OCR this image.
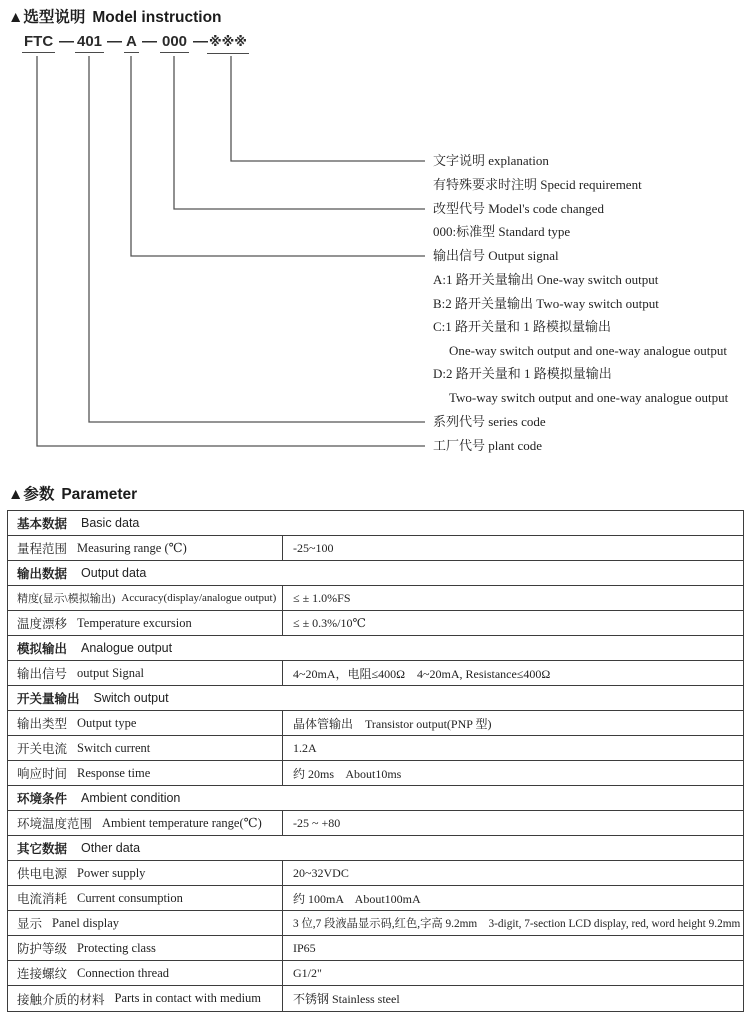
▲选型说明 Model instruction
FTC — 401 — A — 000 — ※※※
文字说明 explanation
有特殊要求时注明 Specid requirement
改型代号 Model's code changed
000:标准型 Standard type
输出信号 Output signal
A:1 路开关量输出 One-way switch output
B:2 路开关量输出 Two-way switch output
C:1 路开关量和 1 路模拟量输出
One-way switch output and one-way analogue output
D:2 路开关量和 1 路模拟量输出
Two-way switch output and one-way analogue output
系列代号 series code
工厂代号 plant code
▲参数 Parameter
基本数据 Basic data
量程范围 Measuring range (℃)	-25~100
输出数据 Output data
精度(显示\模拟输出) Accuracy(display/analogue output)	≤ ± 1.0%FS
温度漂移 Temperature excursion	≤ ± 0.3%/10℃
模拟输出 Analogue output
输出信号 output Signal	4~20mA，电阻≤400Ω    4~20mA, Resistance≤400Ω
开关量输出 Switch output
输出类型 Output type	晶体管输出    Transistor output(PNP 型)
开关电流 Switch current	1.2A
响应时间 Response time	约 20ms    About10ms
环境条件 Ambient condition
环境温度范围 Ambient temperature range(℃)	-25 ~ +80
其它数据 Other data
供电电源 Power supply	20~32VDC
电流消耗 Current consumption	约 100mA    About100mA
显示 Panel display	3 位,7 段液晶显示码,红色,字高 9.2mm    3-digit, 7-section LCD display, red, word height 9.2mm
防护等级 Protecting class	IP65
连接螺纹 Connection thread	G1/2"
接触介质的材料 Parts in contact with medium	不锈钢 Stainless steel
